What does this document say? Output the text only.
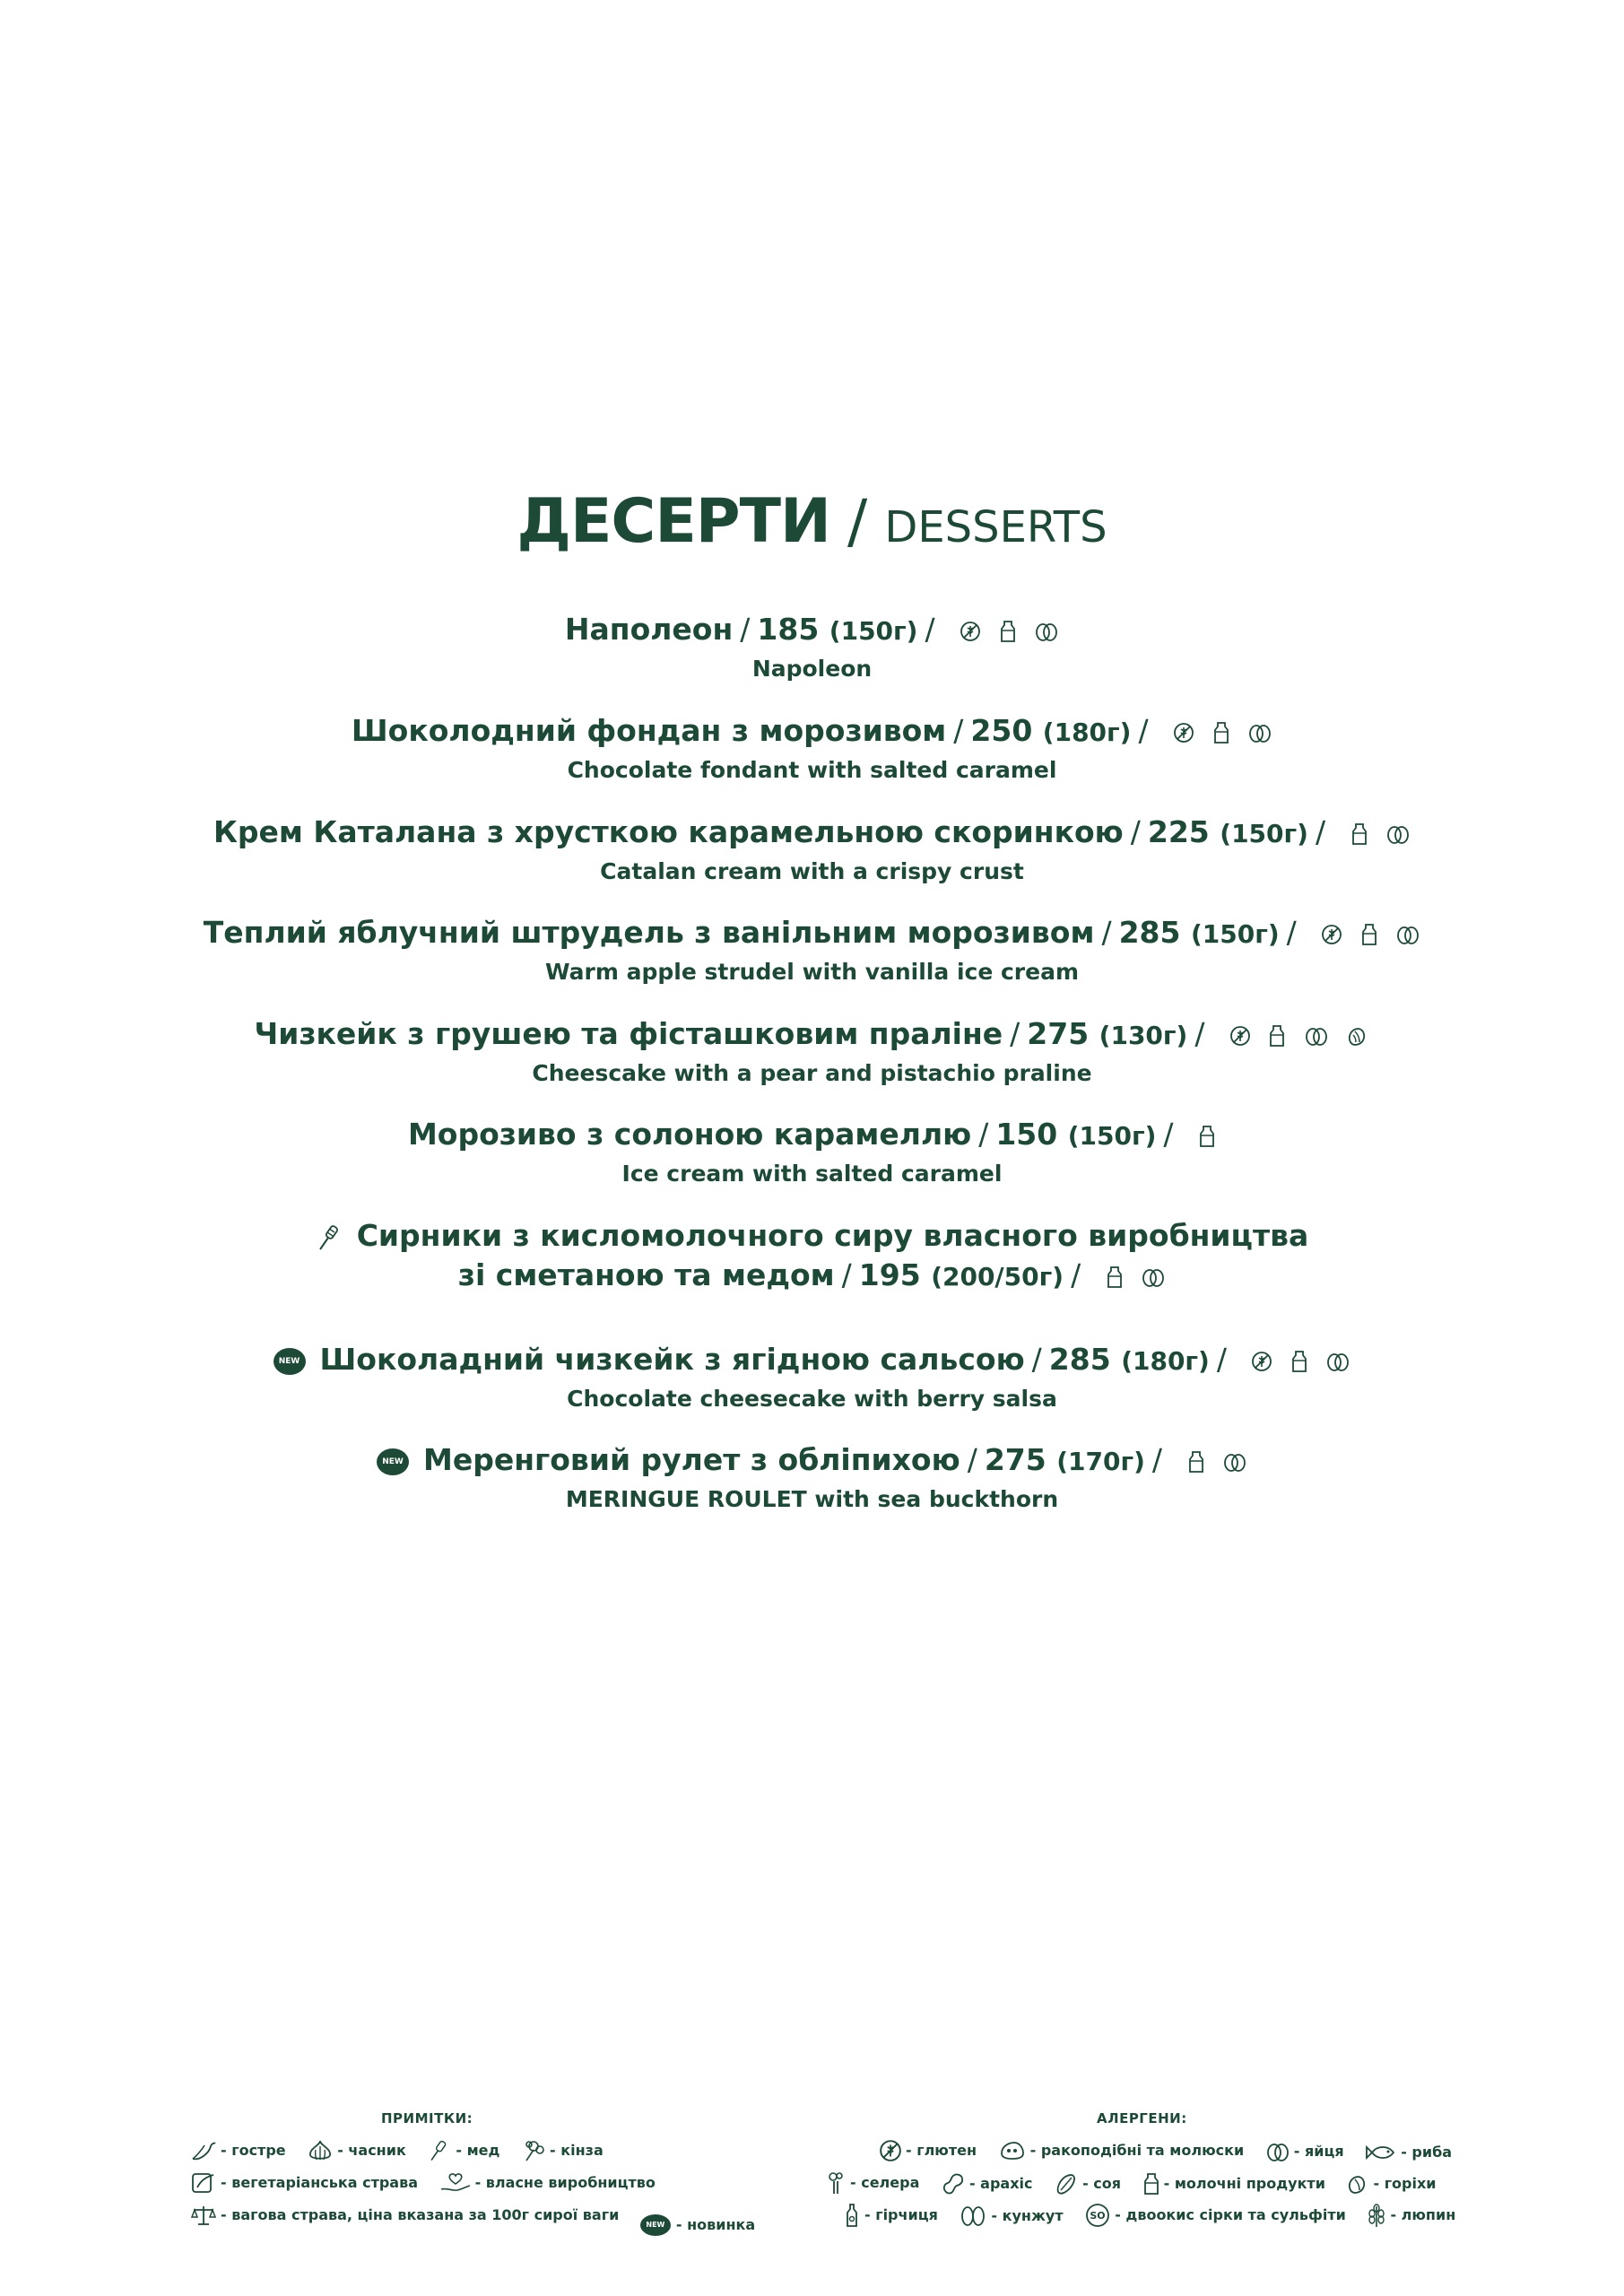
ДЕСЕРТИ / DESSERTS
Наполеон / 185 (150г) /

Napoleon
Шоколодний фондан з морозивом / 250 (180г) /

Chocolate fondant with salted caramel
Крем Каталана з хрусткою карамельною скоринкою / 225 (150г) /

Catalan cream with a crispy crust
Теплий яблучний штрудель з ванільним морозивом / 285 (150г) /

Warm apple strudel with vanilla ice cream
Чизкейк з грушею та фісташковим праліне / 275 (130г) /

Cheescake with a pear and pistachio praline
Морозиво з солоною карамеллю / 150 (150г) /
Ice cream with salted caramel
Сирники з кисломолочного сиру власного виробництва
зі сметаною та медом / 195 (200/50г) /

NEW Шоколадний чизкейк з ягідною сальсою / 285 (180г) /

Chocolate cheesecake with berry salsa
NEW Меренговий рулет з обліпихою / 275 (170г) /

MERINGUE ROULET with sea buckthorn
ПРИМІТКИ:
- гостре
	- часник
	- мед
	- кінза
- вегетаріанська страва
	- власне виробництво
- вагова страва, ціна вказана за 100г сирої ваги

NEW - новинка
АЛЕРГЕНИ:
- глютен
	- ракоподібні та молюски
	- яйця
	- риба
- селера
	- арахіс
	- соя
	- молочні продукти
	- горіхи
- гірчиця
	- кунжут
	SO - двоокис сірки та сульфіти
	- люпин
